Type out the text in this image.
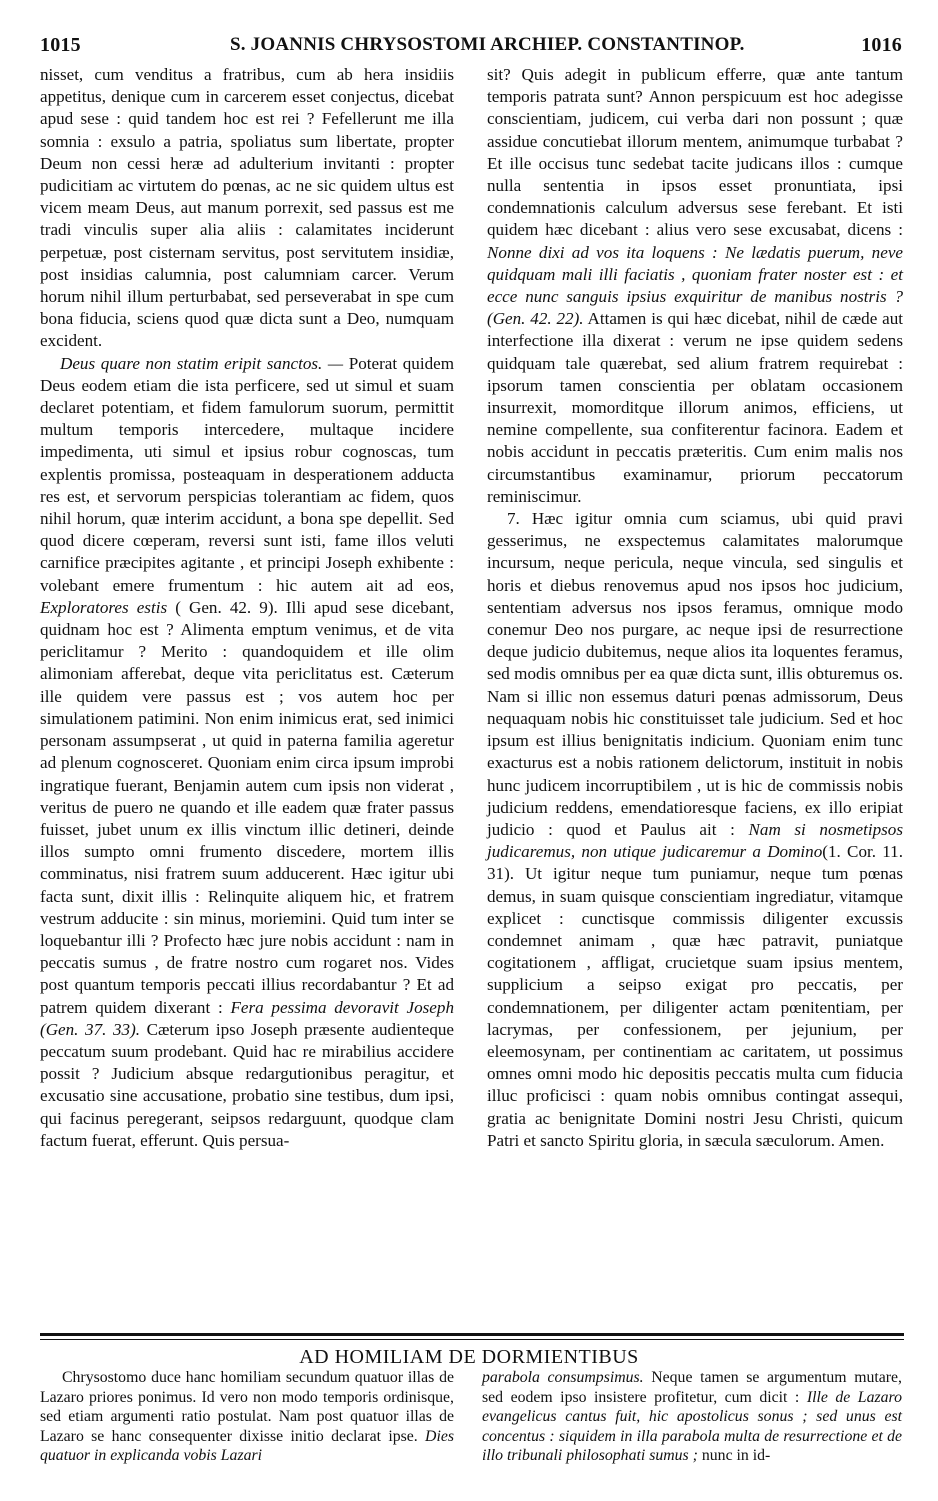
1015	S. JOANNIS CHRYSOSTOMI ARCHIEP. CONSTANTINOP.	1016

nisset, cum venditus a fratribus, cum ab hera insidiis appetitus, denique cum in carcerem esset conjectus, dicebat apud sese : quid tandem hoc est rei ? Fefellerunt me illa somnia : exsulo a patria, spoliatus sum libertate, propter Deum non cessi heræ ad adulterium invitanti : propter pudicitiam ac virtutem do pœnas, ac ne sic quidem ultus est vicem meam Deus, aut manum porrexit, sed passus est me tradi vinculis super alia aliis : calamitates inciderunt perpetuæ, post cisternam servitus, post servitutem insidiæ, post insidias calumnia, post calumniam carcer. Verum horum nihil illum perturbabat, sed perseverabat in spe cum bona fiducia, sciens quod quæ dicta sunt a Deo, numquam excident.

Deus quare non statim eripit sanctos. — Poterat quidem Deus eodem etiam die ista perficere, sed ut simul et suam declaret potentiam, et fidem famulorum suorum, permittit multum temporis intercedere, multaque incidere impedimenta, uti simul et ipsius robur cognoscas, tum explentis promissa, posteaquam in desperationem adducta res est, et servorum perspicias tolerantiam ac fidem, quos nihil horum, quæ interim accidunt, a bona spe depellit. Sed quod dicere cœperam, reversi sunt isti, fame illos veluti carnifice præcipites agitante , et principi Joseph exhibente : volebant emere frumentum : hic autem ait ad eos, Exploratores estis ( Gen. 42. 9). Illi apud sese dicebant, quidnam hoc est ? Alimenta emptum venimus, et de vita periclitamur ? Merito : quandoquidem et ille olim alimoniam afferebat, deque vita periclitatus est. Cæterum ille quidem vere passus est ; vos autem hoc per simulationem patimini. Non enim inimicus erat, sed inimici personam assumpserat , ut quid in paterna familia ageretur ad plenum cognosceret. Quoniam enim circa ipsum improbi ingratique fuerant, Benjamin autem cum ipsis non viderat , veritus de puero ne quando et ille eadem quæ frater passus fuisset, jubet unum ex illis vinctum illic detineri, deinde illos sumpto omni frumento discedere, mortem illis comminatus, nisi fratrem suum adducerent. Hæc igitur ubi facta sunt, dixit illis : Relinquite aliquem hic, et fratrem vestrum adducite : sin minus, moriemini. Quid tum inter se loquebantur illi ? Profecto hæc jure nobis accidunt : nam in peccatis sumus , de fratre nostro cum rogaret nos. Vides post quantum temporis peccati illius recordabantur ? Et ad patrem quidem dixerant : Fera pessima devoravit Joseph (Gen. 37. 33). Cæterum ipso Joseph præsente audienteque peccatum suum prodebant. Quid hac re mirabilius accidere possit ? Judicium absque redargutionibus peragitur, et excusatio sine accusatione, probatio sine testibus, dum ipsi, qui facinus peregerant, seipsos redarguunt, quodque clam factum fuerat, efferunt. Quis persua-

sit? Quis adegit in publicum efferre, quæ ante tantum temporis patrata sunt? Annon perspicuum est hoc adegisse conscientiam, judicem, cui verba dari non possunt ; quæ assidue concutiebat illorum mentem, animumque turbabat ? Et ille occisus tunc sedebat tacite judicans illos : cumque nulla sententia in ipsos esset pronuntiata, ipsi condemnationis calculum adversus sese ferebant. Et isti quidem hæc dicebant : alius vero sese excusabat, dicens : Nonne dixi ad vos ita loquens : Ne lædatis puerum, neve quidquam mali illi faciatis , quoniam frater noster est : et ecce nunc sanguis ipsius exquiritur de manibus nostris ? (Gen. 42. 22). Attamen is qui hæc dicebat, nihil de cæde aut interfectione illa dixerat : verum ne ipse quidem sedens quidquam tale quærebat, sed alium fratrem requirebat : ipsorum tamen conscientia per oblatam occasionem insurrexit, momorditque illorum animos, efficiens, ut nemine compellente, sua confiterentur facinora. Eadem et nobis accidunt in peccatis præteritis. Cum enim malis nos circumstantibus examinamur, priorum peccatorum reminiscimur.

7. Hæc igitur omnia cum sciamus, ubi quid pravi gesserimus, ne exspectemus calamitates malorumque incursum, neque pericula, neque vincula, sed singulis et horis et diebus renovemus apud nos ipsos hoc judicium, sententiam adversus nos ipsos feramus, omnique modo conemur Deo nos purgare, ac neque ipsi de resurrectione deque judicio dubitemus, neque alios ita loquentes feramus, sed modis omnibus per ea quæ dicta sunt, illis obturemus os. Nam si illic non essemus daturi pœnas admissorum, Deus nequaquam nobis hic constituisset tale judicium. Sed et hoc ipsum est illius benignitatis indicium. Quoniam enim tunc exacturus est a nobis rationem delictorum, instituit in nobis hunc judicem incorruptibilem , ut is hic de commissis nobis judicium reddens, emendatioresque faciens, ex illo eripiat judicio : quod et Paulus ait : Nam si nosmetipsos judicaremus, non utique judicaremur a Domino(1. Cor. 11. 31). Ut igitur neque tum puniamur, neque tum pœnas demus, in suam quisque conscientiam ingrediatur, vitamque explicet : cunctisque commissis diligenter excussis condemnet animam , quæ hæc patravit, puniatque cogitationem , affligat, crucietque suam ipsius mentem, supplicium a seipso exigat pro peccatis, per condemnationem, per diligenter actam pœnitentiam, per lacrymas, per confessionem, per jejunium, per eleemosynam, per continentiam ac caritatem, ut possimus omnes omni modo hic depositis peccatis multa cum fiducia illuc proficisci : quam nobis omnibus contingat assequi, gratia ac benignitate Domini nostri Jesu Christi, quicum Patri et sancto Spiritu gloria, in sæcula sæculorum. Amen.

AD HOMILIAM DE DORMIENTIBUS

Chrysostomo duce hanc homiliam secundum quatuor illas de Lazaro priores ponimus. Id vero non modo temporis ordinisque, sed etiam argumenti ratio postulat. Nam post quatuor illas de Lazaro se hanc consequenter dixisse initio declarat ipse. Dies quatuor in explicanda vobis Lazari

parabola consumpsimus. Neque tamen se argumentum mutare, sed eodem ipso insistere profitetur, cum dicit : Ille de Lazaro evangelicus cantus fuit, hic apostolicus sonus ; sed unus est concentus : siquidem in illa parabola multa de resurrectione et de illo tribunali philosophati sumus ; nunc in id-
